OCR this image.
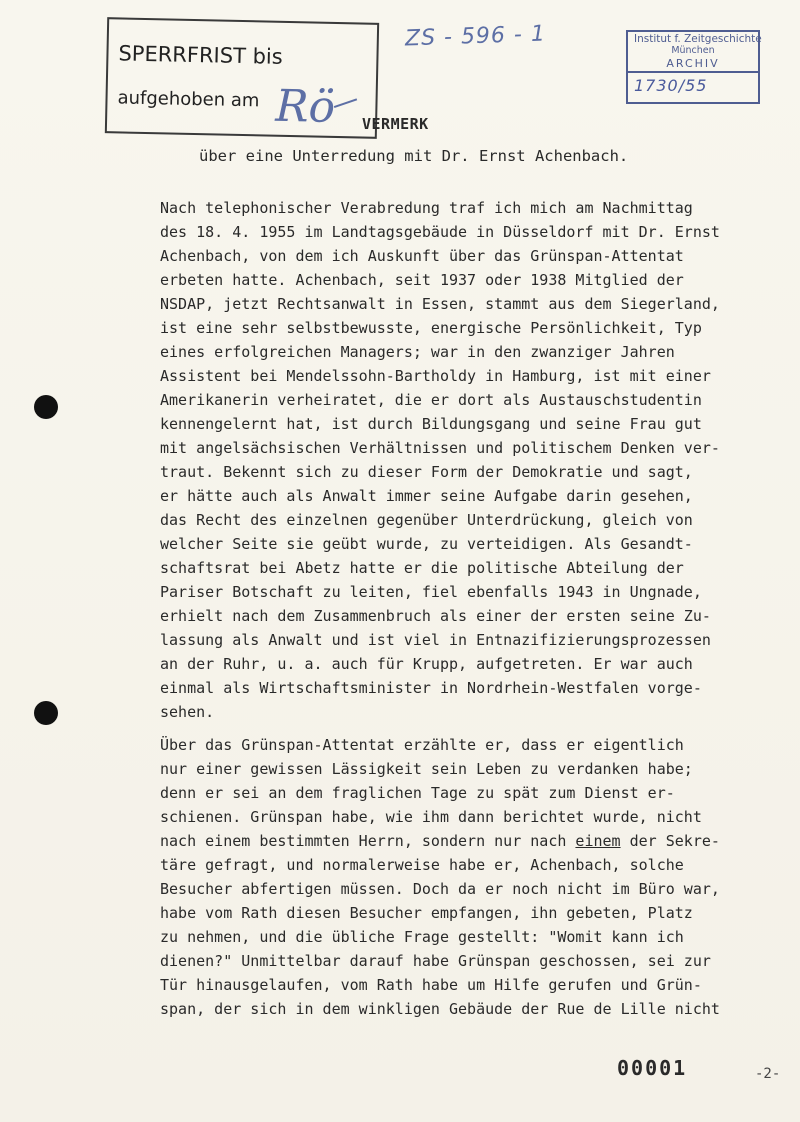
ZS - 596 - 1
SPERRFRIST bis
aufgehoben am Rö
Institut f. Zeitgeschichte
München
ARCHIV
1730/55
VERMERK
über eine Unterredung mit Dr. Ernst Achenbach.
Nach telephonischer Verabredung traf ich mich am Nachmittag
des 18. 4. 1955 im Landtagsgebäude in Düsseldorf mit Dr. Ernst
Achenbach, von dem ich Auskunft über das Grünspan-Attentat
erbeten hatte. Achenbach, seit 1937 oder 1938 Mitglied der
NSDAP, jetzt Rechtsanwalt in Essen, stammt aus dem Siegerland,
ist eine sehr selbstbewusste, energische Persönlichkeit, Typ
eines erfolgreichen Managers; war in den zwanziger Jahren
Assistent bei Mendelssohn-Bartholdy in Hamburg, ist mit einer
Amerikanerin verheiratet, die er dort als Austauschstudentin
kennengelernt hat, ist durch Bildungsgang und seine Frau gut
mit angelsächsischen Verhältnissen und politischem Denken ver-
traut. Bekennt sich zu dieser Form der Demokratie und sagt,
er hätte auch als Anwalt immer seine Aufgabe darin gesehen,
das Recht des einzelnen gegenüber Unterdrückung, gleich von
welcher Seite sie geübt wurde, zu verteidigen. Als Gesandt-
schaftsrat bei Abetz hatte er die politische Abteilung der
Pariser Botschaft zu leiten, fiel ebenfalls 1943 in Ungnade,
erhielt nach dem Zusammenbruch als einer der ersten seine Zu-
lassung als Anwalt und ist viel in Entnazifizierungsprozessen
an der Ruhr, u. a. auch für Krupp, aufgetreten. Er war auch
einmal als Wirtschaftsminister in Nordrhein-Westfalen vorge-
sehen.
Über das Grünspan-Attentat erzählte er, dass er eigentlich
nur einer gewissen Lässigkeit sein Leben zu verdanken habe;
denn er sei an dem fraglichen Tage zu spät zum Dienst er-
schienen. Grünspan habe, wie ihm dann berichtet wurde, nicht
nach einem bestimmten Herrn, sondern nur nach einem der Sekre-
täre gefragt, und normalerweise habe er, Achenbach, solche
Besucher abfertigen müssen. Doch da er noch nicht im Büro war,
habe vom Rath diesen Besucher empfangen, ihn gebeten, Platz
zu nehmen, und die übliche Frage gestellt: "Womit kann ich
dienen?" Unmittelbar darauf habe Grünspan geschossen, sei zur
Tür hinausgelaufen, vom Rath habe um Hilfe gerufen und Grün-
span, der sich in dem winkligen Gebäude der Rue de Lille nicht
00001	-2-
